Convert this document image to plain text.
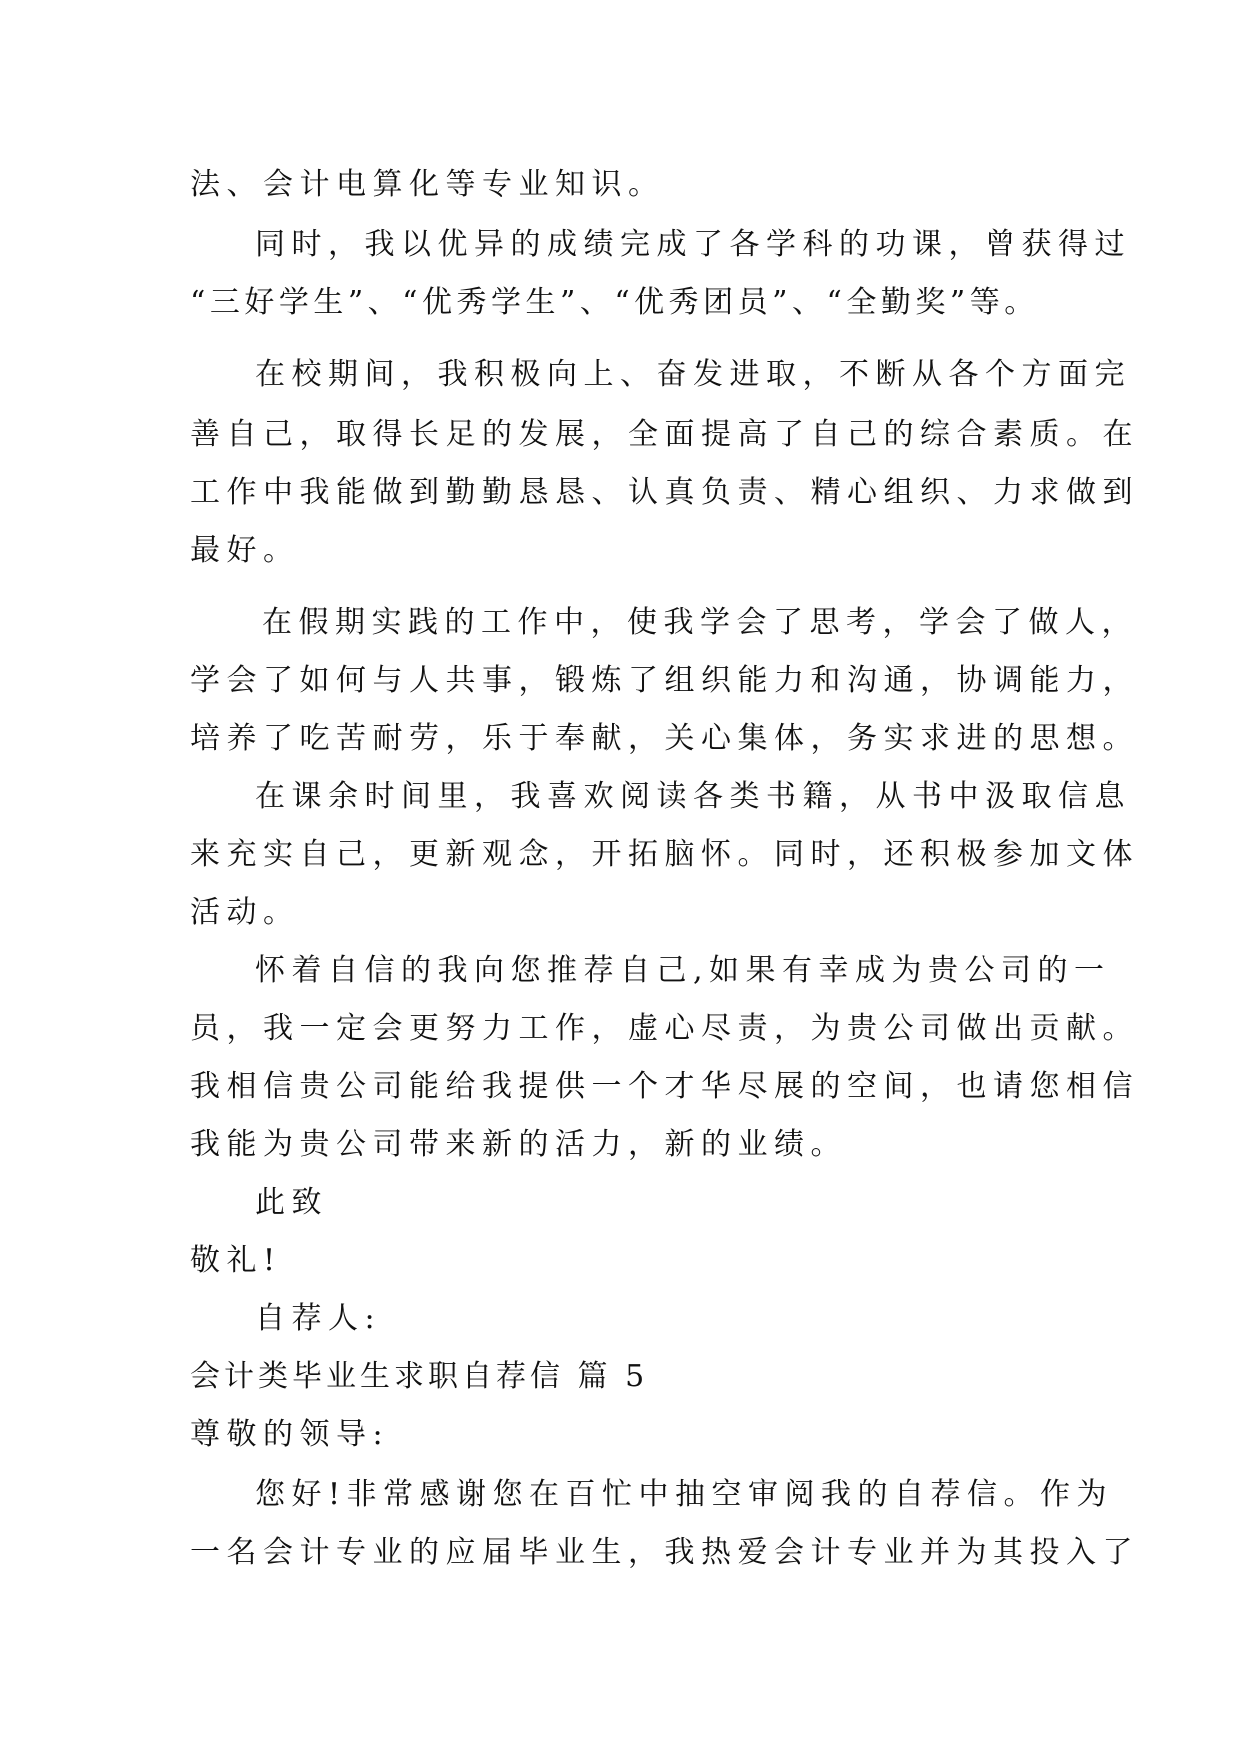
法、会计电算化等专业知识。
同时，我以优异的成绩完成了各学科的功课，曾获得过
“三好学生”、“优秀学生”、“优秀团员”、“全勤奖”等。
在校期间，我积极向上、奋发进取，不断从各个方面完
善自己，取得长足的发展，全面提高了自己的综合素质。在
工作中我能做到勤勤恳恳、认真负责、精心组织、力求做到
最好。
在假期实践的工作中，使我学会了思考，学会了做人，
学会了如何与人共事，锻炼了组织能力和沟通，协调能力，
培养了吃苦耐劳，乐于奉献，关心集体，务实求进的思想。
在课余时间里，我喜欢阅读各类书籍，从书中汲取信息
来充实自己，更新观念，开拓脑怀。同时，还积极参加文体
活动。
怀着自信的我向您推荐自己,如果有幸成为贵公司的一
员，我一定会更努力工作，虚心尽责，为贵公司做出贡献。
我相信贵公司能给我提供一个才华尽展的空间，也请您相信
我能为贵公司带来新的活力，新的业绩。
此致
敬礼!
自荐人:
会计类毕业生求职自荐信 篇 5
尊敬的领导:
您好!非常感谢您在百忙中抽空审阅我的自荐信。作为
一名会计专业的应届毕业生，我热爱会计专业并为其投入了
